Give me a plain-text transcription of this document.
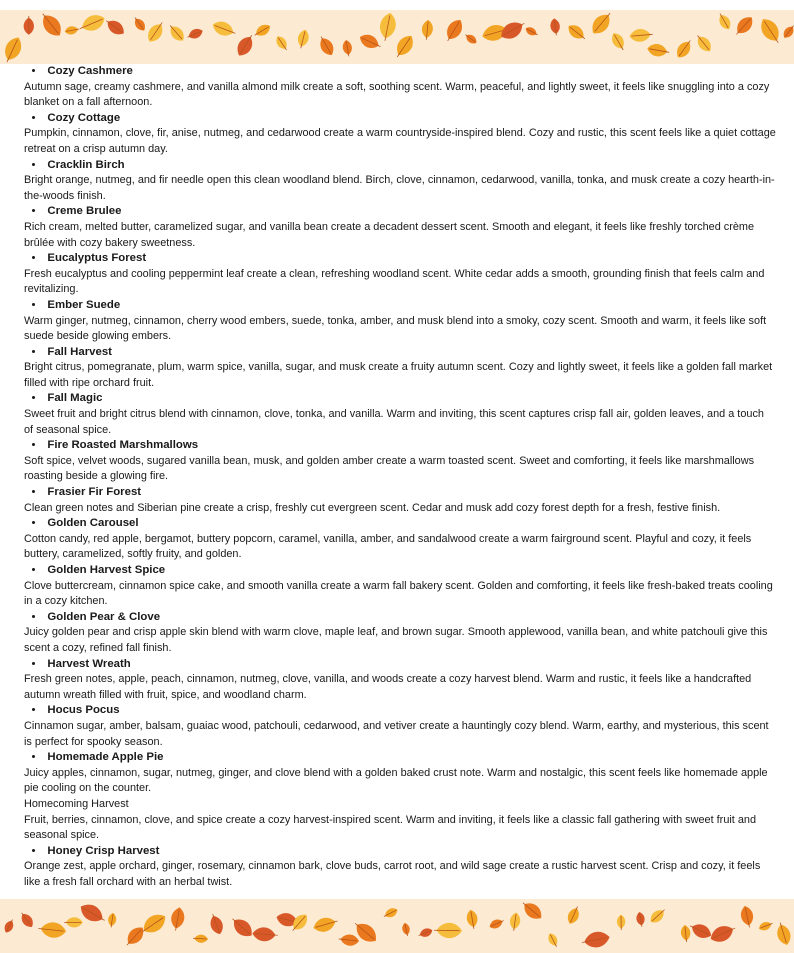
Cozy Cashmere

Autumn sage, creamy cashmere, and vanilla almond milk create a soft, soothing scent. Warm, peaceful, and lightly sweet, it feels like snuggling into a cozy blanket on a fall afternoon.

Cozy Cottage

Pumpkin, cinnamon, clove, fir, anise, nutmeg, and cedarwood create a warm countryside-inspired blend. Cozy and rustic, this scent feels like a quiet cottage retreat on a crisp autumn day.

Cracklin Birch

Bright orange, nutmeg, and fir needle open this clean woodland blend. Birch, clove, cinnamon, cedarwood, vanilla, tonka, and musk create a cozy hearth-in-the-woods finish.

Creme Brulee

Rich cream, melted butter, caramelized sugar, and vanilla bean create a decadent dessert scent. Smooth and elegant, it feels like freshly torched crème brûlée with cozy bakery sweetness.

Eucalyptus Forest

Fresh eucalyptus and cooling peppermint leaf create a clean, refreshing woodland scent. White cedar adds a smooth, grounding finish that feels calm and revitalizing.

Ember Suede

Warm ginger, nutmeg, cinnamon, cherry wood embers, suede, tonka, amber, and musk blend into a smoky, cozy scent. Smooth and warm, it feels like soft suede beside glowing embers.

Fall Harvest

Bright citrus, pomegranate, plum, warm spice, vanilla, sugar, and musk create a fruity autumn scent. Cozy and lightly sweet, it feels like a golden fall market filled with ripe orchard fruit.

Fall Magic

Sweet fruit and bright citrus blend with cinnamon, clove, tonka, and vanilla. Warm and inviting, this scent captures crisp fall air, golden leaves, and a touch of seasonal spice.

Fire Roasted Marshmallows

Soft spice, velvet woods, sugared vanilla bean, musk, and golden amber create a warm toasted scent. Sweet and comforting, it feels like marshmallows roasting beside a glowing fire.

Frasier Fir Forest

Clean green notes and Siberian pine create a crisp, freshly cut evergreen scent. Cedar and musk add cozy forest depth for a fresh, festive finish.

Golden Carousel

Cotton candy, red apple, bergamot, buttery popcorn, caramel, vanilla, amber, and sandalwood create a warm fairground scent. Playful and cozy, it feels buttery, caramelized, softly fruity, and golden.

Golden Harvest Spice

Clove buttercream, cinnamon spice cake, and smooth vanilla create a warm fall bakery scent. Golden and comforting, it feels like fresh-baked treats cooling in a cozy kitchen.

Golden Pear & Clove

Juicy golden pear and crisp apple skin blend with warm clove, maple leaf, and brown sugar. Smooth applewood, vanilla bean, and white patchouli give this scent a cozy, refined fall finish.

Harvest Wreath

Fresh green notes, apple, peach, cinnamon, nutmeg, clove, vanilla, and woods create a cozy harvest blend. Warm and rustic, it feels like a handcrafted autumn wreath filled with fruit, spice, and woodland charm.

Hocus Pocus

Cinnamon sugar, amber, balsam, guaiac wood, patchouli, cedarwood, and vetiver create a hauntingly cozy blend. Warm, earthy, and mysterious, this scent is perfect for spooky season.

Homemade Apple Pie

Juicy apples, cinnamon, sugar, nutmeg, ginger, and clove blend with a golden baked crust note. Warm and nostalgic, this scent feels like homemade apple pie cooling on the counter.

Homecoming Harvest

Fruit, berries, cinnamon, clove, and spice create a cozy harvest-inspired scent. Warm and inviting, it feels like a classic fall gathering with sweet fruit and seasonal spice.

Honey Crisp Harvest

Orange zest, apple orchard, ginger, rosemary, cinnamon bark, clove buds, carrot root, and wild sage create a rustic harvest scent. Crisp and cozy, it feels like a fresh fall orchard with an herbal twist.
